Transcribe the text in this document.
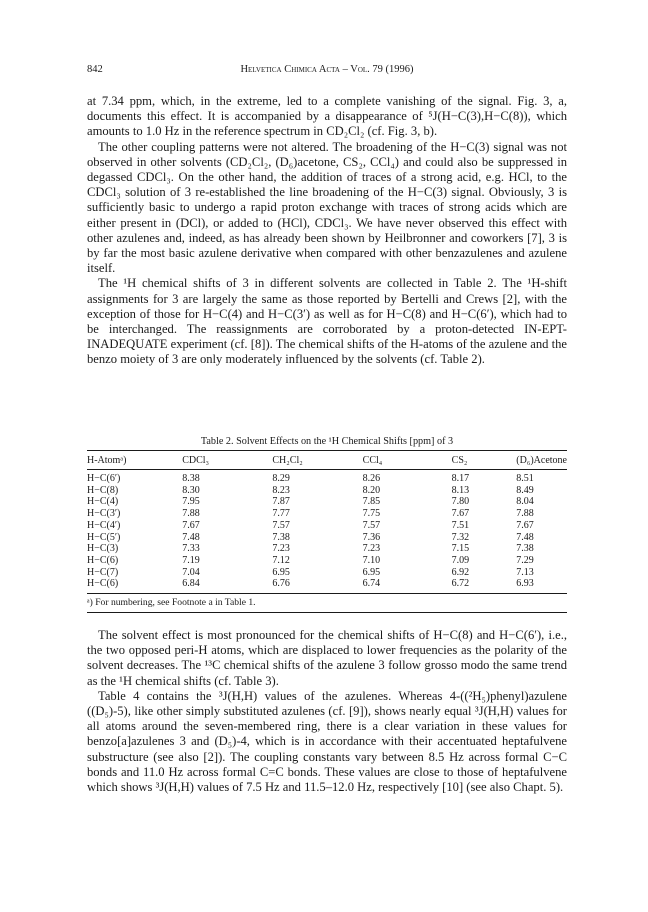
842	Helvetica Chimica Acta – Vol. 79 (1996)

at 7.34 ppm, which, in the extreme, led to a complete vanishing of the signal. Fig. 3, a, documents this effect. It is accompanied by a disappearance of ⁵J(H−C(3),H−C(8)), which amounts to 1.0 Hz in the reference spectrum in CD₂Cl₂ (cf. Fig. 3, b).

The other coupling patterns were not altered. The broadening of the H−C(3) signal was not observed in other solvents (CD₂Cl₂, (D₆)acetone, CS₂, CCl₄) and could also be suppressed in degassed CDCl₃. On the other hand, the addition of traces of a strong acid, e.g. HCl, to the CDCl₃ solution of 3 re-established the line broadening of the H−C(3) signal. Obviously, 3 is sufficiently basic to undergo a rapid proton exchange with traces of strong acids which are either present in (DCl), or added to (HCl), CDCl₃. We have never observed this effect with other azulenes and, indeed, as has already been shown by Heilbronner and coworkers [7], 3 is by far the most basic azulene derivative when compared with other benzazulenes and azulene itself.

The ¹H chemical shifts of 3 in different solvents are collected in Table 2. The ¹H-shift assignments for 3 are largely the same as those reported by Bertelli and Crews [2], with the exception of those for H−C(4) and H−C(3′) as well as for H−C(8) and H−C(6′), which had to be interchanged. The reassignments are corroborated by a proton-detected IN-EPT-INADEQUATE experiment (cf. [8]). The chemical shifts of the H-atoms of the azulene and the benzo moiety of 3 are only moderately influenced by the solvents (cf. Table 2).

Table 2. Solvent Effects on the ¹H Chemical Shifts [ppm] of 3
H-Atomᵃ)	CDCl₃	CH₂Cl₂	CCl₄	CS₂	(D₆)Acetone
H−C(6′)	8.38	8.29	8.26	8.17	8.51
H−C(8)	8.30	8.23	8.20	8.13	8.49
H−C(4)	7.95	7.87	7.85	7.80	8.04
H−C(3′)	7.88	7.77	7.75	7.67	7.88
H−C(4′)	7.67	7.57	7.57	7.51	7.67
H−C(5′)	7.48	7.38	7.36	7.32	7.48
H−C(3)	7.33	7.23	7.23	7.15	7.38
H−C(6)	7.19	7.12	7.10	7.09	7.29
H−C(7)	7.04	6.95	6.95	6.92	7.13
H−C(6)	6.84	6.76	6.74	6.72	6.93
ᵃ) For numbering, see Footnote a in Table 1.

The solvent effect is most pronounced for the chemical shifts of H−C(8) and H−C(6′), i.e., the two opposed peri-H atoms, which are displaced to lower frequencies as the polarity of the solvent decreases. The ¹³C chemical shifts of the azulene 3 follow grosso modo the same trend as the ¹H chemical shifts (cf. Table 3).

Table 4 contains the ³J(H,H) values of the azulenes. Whereas 4-((²H₅)phenyl)azulene ((D₅)-5), like other simply substituted azulenes (cf. [9]), shows nearly equal ³J(H,H) values for all atoms around the seven-membered ring, there is a clear variation in these values for benzo[a]azulenes 3 and (D₅)-4, which is in accordance with their accentuated heptafulvene substructure (see also [2]). The coupling constants vary between 8.5 Hz across formal C−C bonds and 11.0 Hz across formal C=C bonds. These values are close to those of heptafulvene which shows ³J(H,H) values of 7.5 Hz and 11.5–12.0 Hz, respectively [10] (see also Chapt. 5).
